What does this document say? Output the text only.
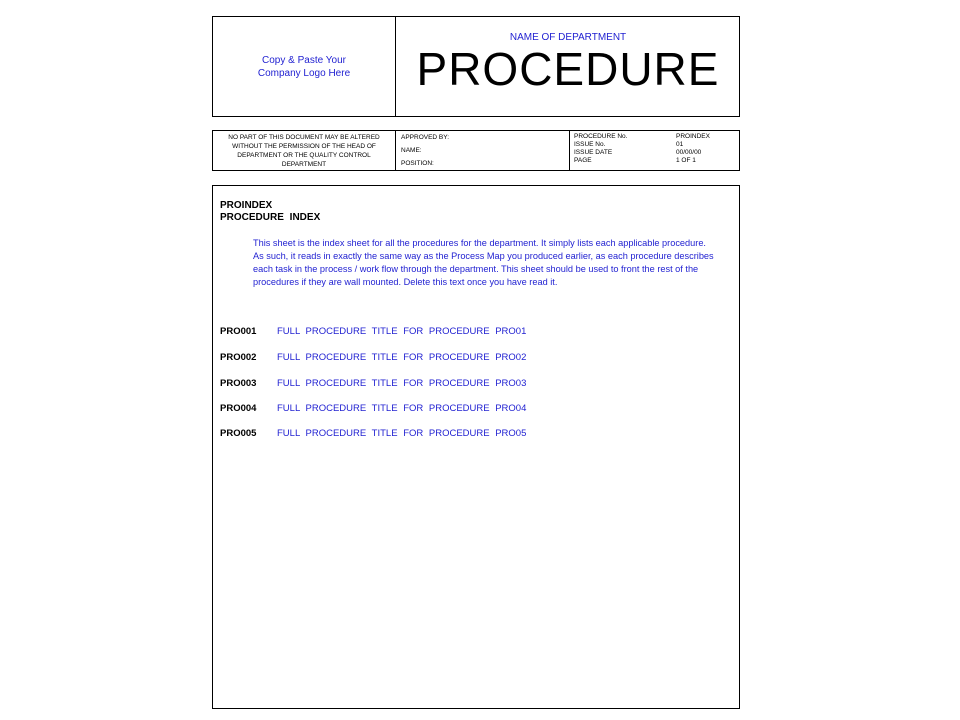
Copy & Paste Your
Company Logo Here
NAME OF DEPARTMENT
PROCEDURE
NO PART OF THIS DOCUMENT MAY BE ALTERED WITHOUT THE PERMISSION OF THE HEAD OF DEPARTMENT OR THE QUALITY CONTROL DEPARTMENT
APPROVED BY:
NAME:
POSITION:
PROCEDURE No.	PROINDEX
ISSUE No.	01
ISSUE DATE	00/00/00
PAGE	1 OF 1
PROINDEX
PROCEDURE INDEX
This sheet is the index sheet for all the procedures for the department. It simply lists each applicable procedure. As such, it reads in exactly the same way as the Process Map you produced earlier, as each procedure describes each task in the process / work flow through the department. This sheet should be used to front the rest of the procedures if they are wall mounted. Delete this text once you have read it.
PRO001	FULL PROCEDURE TITLE FOR PROCEDURE PRO01
PRO002	FULL PROCEDURE TITLE FOR PROCEDURE PRO02
PRO003	FULL PROCEDURE TITLE FOR PROCEDURE PRO03
PRO004	FULL PROCEDURE TITLE FOR PROCEDURE PRO04
PRO005	FULL PROCEDURE TITLE FOR PROCEDURE PRO05
